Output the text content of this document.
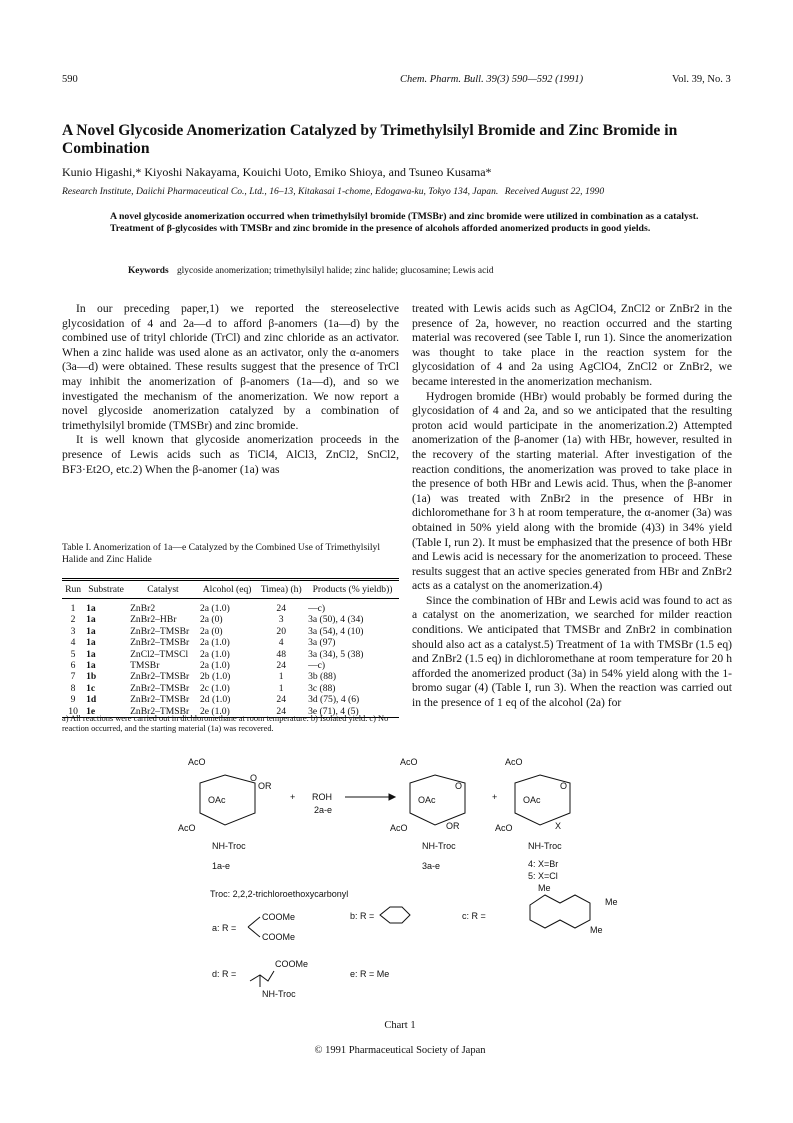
590	Chem. Pharm. Bull. 39(3) 590—592 (1991)	Vol. 39, No. 3
A Novel Glycoside Anomerization Catalyzed by Trimethylsilyl Bromide and Zinc Bromide in Combination
Kunio Higashi,* Kiyoshi Nakayama, Kouichi Uoto, Emiko Shioya, and Tsuneo Kusama*
Research Institute, Daiichi Pharmaceutical Co., Ltd., 16–13, Kitakasai 1-chome, Edogawa-ku, Tokyo 134, Japan. Received August 22, 1990
A novel glycoside anomerization occurred when trimethylsilyl bromide (TMSBr) and zinc bromide were utilized in combination as a catalyst. Treatment of β-glycosides with TMSBr and zinc bromide in the presence of alcohols afforded anomerized products in good yields.
Keywords glycoside anomerization; trimethylsilyl halide; zinc halide; glucosamine; Lewis acid

In our preceding paper,1) we reported the stereoselective glycosidation of 4 and 2a—d to afford β-anomers (1a—d) by the combined use of trityl chloride (TrCl) and zinc chloride as an activator. When a zinc halide was used alone as an activator, only the α-anomers (3a—d) were obtained. These results suggest that the presence of TrCl may inhibit the anomerization of β-anomers (1a—d), and so we investigated the mechanism of the anomerization. We now report a novel glycoside anomerization catalyzed by a combination of trimethylsilyl bromide (TMSBr) and zinc bromide.

It is well known that glycoside anomerization proceeds in the presence of Lewis acids such as TiCl4, AlCl3, ZnCl2, SnCl2, BF3·Et2O, etc.2) When the β-anomer (1a) was

treated with Lewis acids such as AgClO4, ZnCl2 or ZnBr2 in the presence of 2a, however, no reaction occurred and the starting material was recovered (see Table I, run 1). Since the anomerization was thought to take place in the reaction system for the glycosidation of 4 and 2a using AgClO4, ZnCl2 or ZnBr2, we became interested in the anomerization mechanism.

Hydrogen bromide (HBr) would probably be formed during the glycosidation of 4 and 2a, and so we anticipated that the resulting proton acid would participate in the anomerization.2) Attempted anomerization of the β-anomer (1a) with HBr, however, resulted in the recovery of the starting material. After investigation of the reaction conditions, the anomerization was proved to take place in the presence of both HBr and Lewis acid. Thus, when the β-anomer (1a) was treated with ZnBr2 in the presence of HBr in dichloromethane for 3 h at room temperature, the α-anomer (3a) was obtained in 50% yield along with the bromide (4)3) in 34% yield (Table I, run 2). It must be emphasized that the presence of both HBr and Lewis acid is necessary for the anomerization to proceed. These results suggest that an active species generated from HBr and ZnBr2 acts as a catalyst on the anomerization.4)

Since the combination of HBr and Lewis acid was found to act as a catalyst on the anomerization, we searched for milder reaction conditions. We anticipated that TMSBr and ZnBr2 in combination should also act as a catalyst.5) Treatment of 1a with TMSBr (1.5 eq) and ZnBr2 (1.5 eq) in dichloromethane at room temperature for 20 h afforded the anomerized product (3a) in 54% yield along with the 1-bromo sugar (4) (Table I, run 3). When the reaction was carried out in the presence of 1 eq of the alcohol (2a) for

Table I. Anomerization of 1a—e Catalyzed by the Combined Use of Trimethylsilyl Halide and Zinc Halide
Run	Substrate	Catalyst	Alcohol (eq)	Timea) (h)	Products (% yieldb))
1	1a	ZnBr2	2a (1.0)	24	—c)
2	1a	ZnBr2–HBr	2a (0)	3	3a (50), 4 (34)
3	1a	ZnBr2–TMSBr	2a (0)	20	3a (54), 4 (10)
4	1a	ZnBr2–TMSBr	2a (1.0)	4	3a (97)
5	1a	ZnCl2–TMSCl	2a (1.0)	48	3a (34), 5 (38)
6	1a	TMSBr	2a (1.0)	24	—c)
7	1b	ZnBr2–TMSBr	2b (1.0)	1	3b (88)
8	1c	ZnBr2–TMSBr	2c (1.0)	1	3c (88)
9	1d	ZnBr2–TMSBr	2d (1.0)	24	3d (75), 4 (6)
10	1e	ZnBr2–TMSBr	2e (1.0)	24	3e (71), 4 (5)
a) All reactions were carried out in dichloromethane at room temperature. b) Isolated yield. c) No reaction occurred, and the starting material (1a) was recovered.
AcO
O
OR
OAc
AcO
NH-Troc
+ ROH
2a-e
AcO
O
OAc
OR
AcO
NH-Troc
+
AcO
O
OAc
X
AcO
NH-Troc
1a-e	3a-e	4: X=Br
5: X=Cl
Troc: 2,2,2-trichloroethoxycarbonyl
a: R =
COOMe
COOMe
b: R =	c: R =
Me
Me
Me
d: R =
COOMe
NH-Troc
e: R = Me
Chart 1
© 1991 Pharmaceutical Society of Japan
